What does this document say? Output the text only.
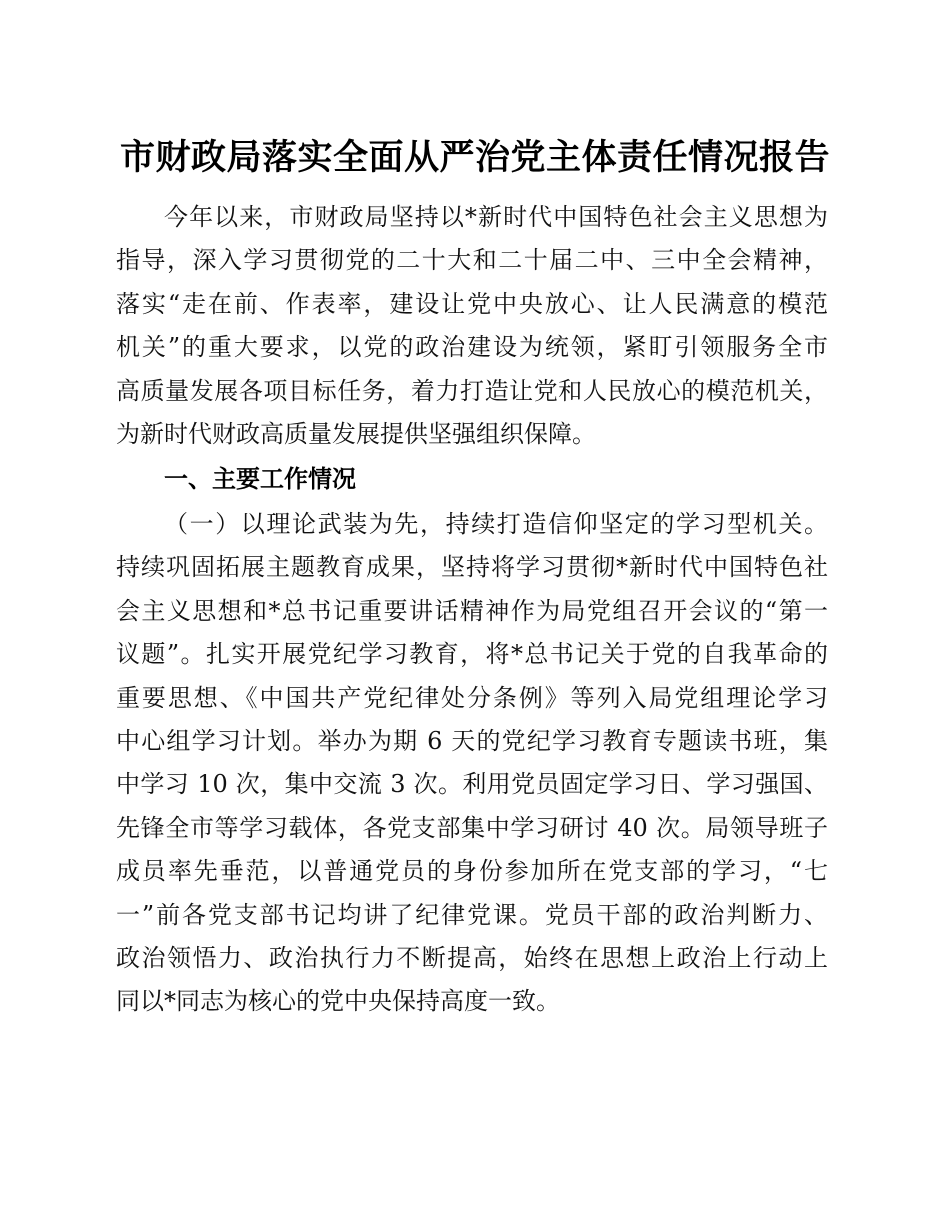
市财政局落实全面从严治党主体责任情况报告
今年以来，市财政局坚持以*新时代中国特色社会主义思想为
指导，深入学习贯彻党的二十大和二十届二中、三中全会精神，
落实“走在前、作表率，建设让党中央放心、让人民满意的模范
机关”的重大要求，以党的政治建设为统领，紧盯引领服务全市
高质量发展各项目标任务，着力打造让党和人民放心的模范机关，
为新时代财政高质量发展提供坚强组织保障。
一、主要工作情况
（一）以理论武装为先，持续打造信仰坚定的学习型机关。
持续巩固拓展主题教育成果，坚持将学习贯彻*新时代中国特色社
会主义思想和*总书记重要讲话精神作为局党组召开会议的“第一
议题”。扎实开展党纪学习教育，将*总书记关于党的自我革命的
重要思想、《中国共产党纪律处分条例》等列入局党组理论学习
中心组学习计划。举办为期 6 天的党纪学习教育专题读书班，集
中学习 10 次，集中交流 3 次。利用党员固定学习日、学习强国、
先锋全市等学习载体，各党支部集中学习研讨 40 次。局领导班子
成员率先垂范，以普通党员的身份参加所在党支部的学习，“七
一”前各党支部书记均讲了纪律党课。党员干部的政治判断力、
政治领悟力、政治执行力不断提高，始终在思想上政治上行动上
同以*同志为核心的党中央保持高度一致。
